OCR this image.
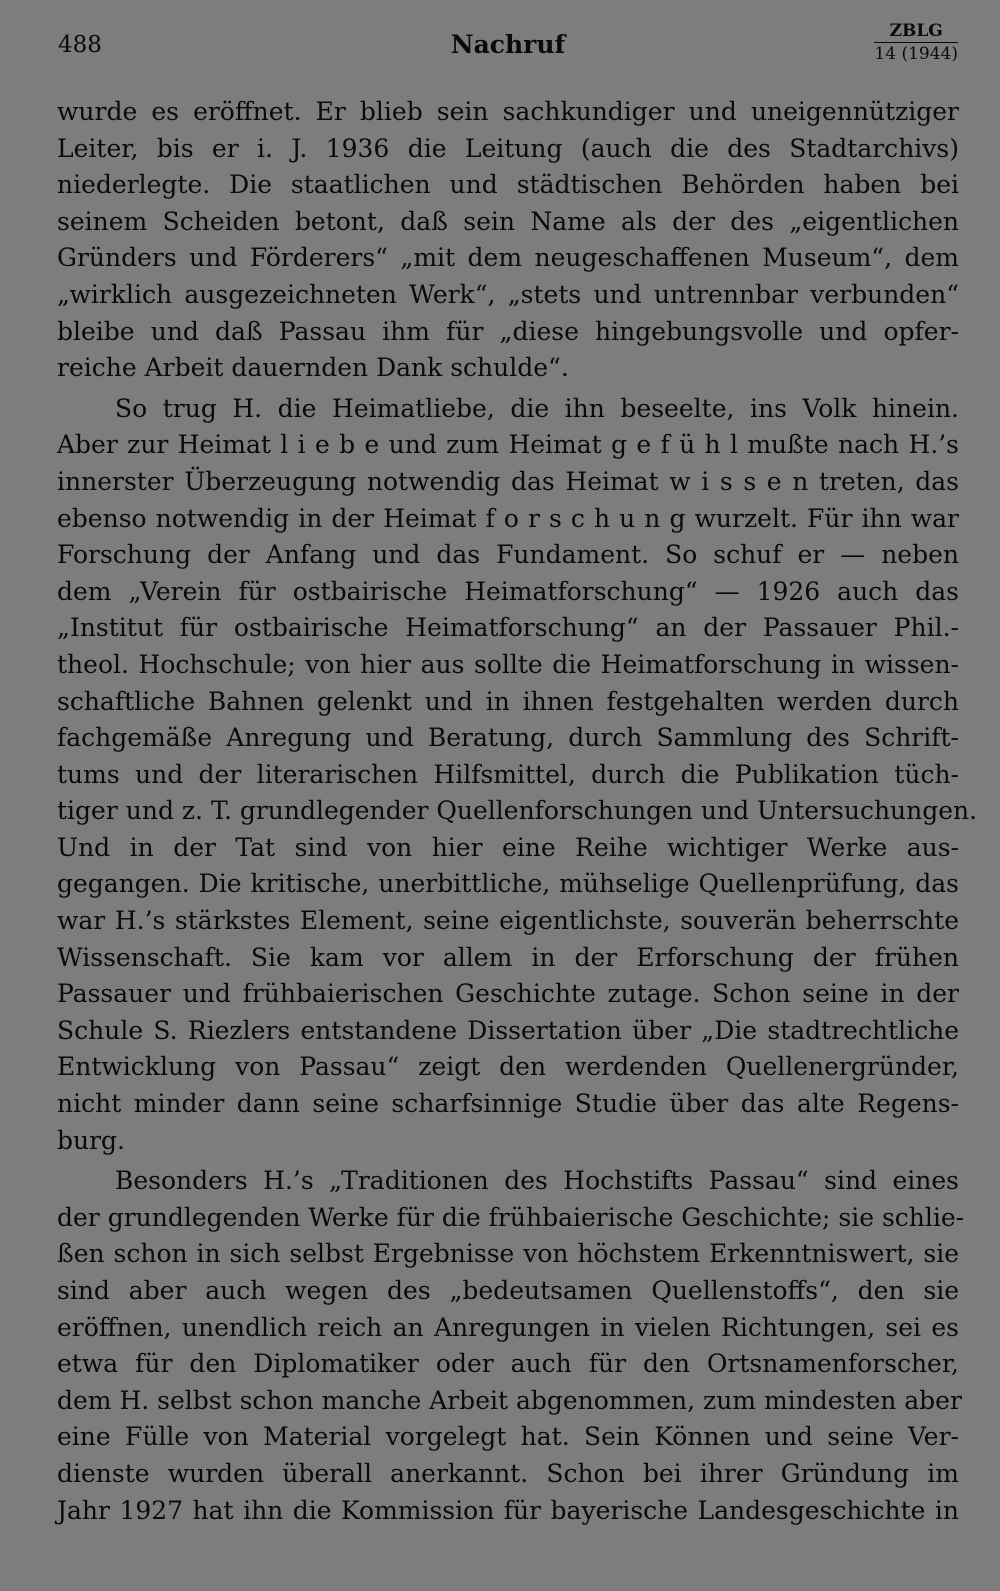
488	Nachruf	ZBLG
14 (1944)
wurde es eröffnet. Er blieb sein sachkundiger und uneigennütziger
Leiter, bis er i. J. 1936 die Leitung (auch die des Stadtarchivs)
niederlegte. Die staatlichen und städtischen Behörden haben bei
seinem Scheiden betont, daß sein Name als der des „eigentlichen
Gründers und Förderers“ „mit dem neugeschaffenen Museum“, dem
„wirklich ausgezeichneten Werk“, „stets und untrennbar verbunden“
bleibe und daß Passau ihm für „diese hingebungsvolle und opfer-
reiche Arbeit dauernden Dank schulde“.
So trug H. die Heimatliebe, die ihn beseelte, ins Volk hinein.
Aber zur Heimat l i e b e und zum Heimat g e f ü h l mußte nach H.’s
innerster Überzeugung notwendig das Heimat w i s s e n treten, das
ebenso notwendig in der Heimat f o r s c h u n g wurzelt. Für ihn war
Forschung der Anfang und das Fundament. So schuf er — neben
dem „Verein für ostbairische Heimatforschung“ — 1926 auch das
„Institut für ostbairische Heimatforschung“ an der Passauer Phil.-
theol. Hochschule; von hier aus sollte die Heimatforschung in wissen-
schaftliche Bahnen gelenkt und in ihnen festgehalten werden durch
fachgemäße Anregung und Beratung, durch Sammlung des Schrift-
tums und der literarischen Hilfsmittel, durch die Publikation tüch-
tiger und z. T. grundlegender Quellenforschungen und Untersuchungen.
Und in der Tat sind von hier eine Reihe wichtiger Werke aus-
gegangen. Die kritische, unerbittliche, mühselige Quellenprüfung, das
war H.’s stärkstes Element, seine eigentlichste, souverän beherrschte
Wissenschaft. Sie kam vor allem in der Erforschung der frühen
Passauer und frühbaierischen Geschichte zutage. Schon seine in der
Schule S. Riezlers entstandene Dissertation über „Die stadtrechtliche
Entwicklung von Passau“ zeigt den werdenden Quellenergründer,
nicht minder dann seine scharfsinnige Studie über das alte Regens-
burg.
Besonders H.’s „Traditionen des Hochstifts Passau“ sind eines
der grundlegenden Werke für die frühbaierische Geschichte; sie schlie-
ßen schon in sich selbst Ergebnisse von höchstem Erkenntniswert, sie
sind aber auch wegen des „bedeutsamen Quellenstoffs“, den sie
eröffnen, unendlich reich an Anregungen in vielen Richtungen, sei es
etwa für den Diplomatiker oder auch für den Ortsnamenforscher,
dem H. selbst schon manche Arbeit abgenommen, zum mindesten aber
eine Fülle von Material vorgelegt hat. Sein Können und seine Ver-
dienste wurden überall anerkannt. Schon bei ihrer Gründung im
Jahr 1927 hat ihn die Kommission für bayerische Landesgeschichte in
